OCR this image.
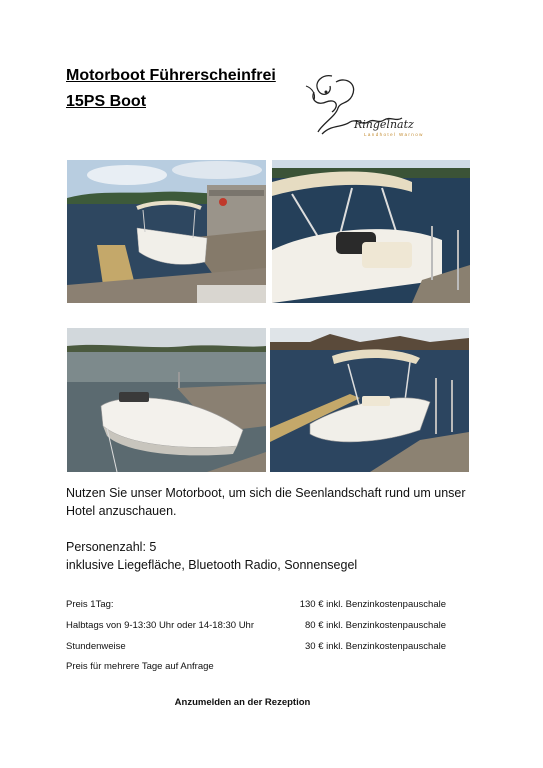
Motorboot Führerscheinfrei
15PS Boot
Ringelnatz
Landhotel Warnow
Nutzen Sie unser Motorboot, um sich die Seenlandschaft rund um unser Hotel anzuschauen.
Personenzahl: 5
inklusive Liegefläche, Bluetooth Radio, Sonnensegel
Preis 1Tag:	130 € inkl. Benzinkostenpauschale
Halbtags von 9-13:30 Uhr oder 14-18:30 Uhr	80 € inkl. Benzinkostenpauschale
Stundenweise	30 € inkl. Benzinkostenpauschale
Preis für mehrere Tage auf Anfrage
Anzumelden an der Rezeption
